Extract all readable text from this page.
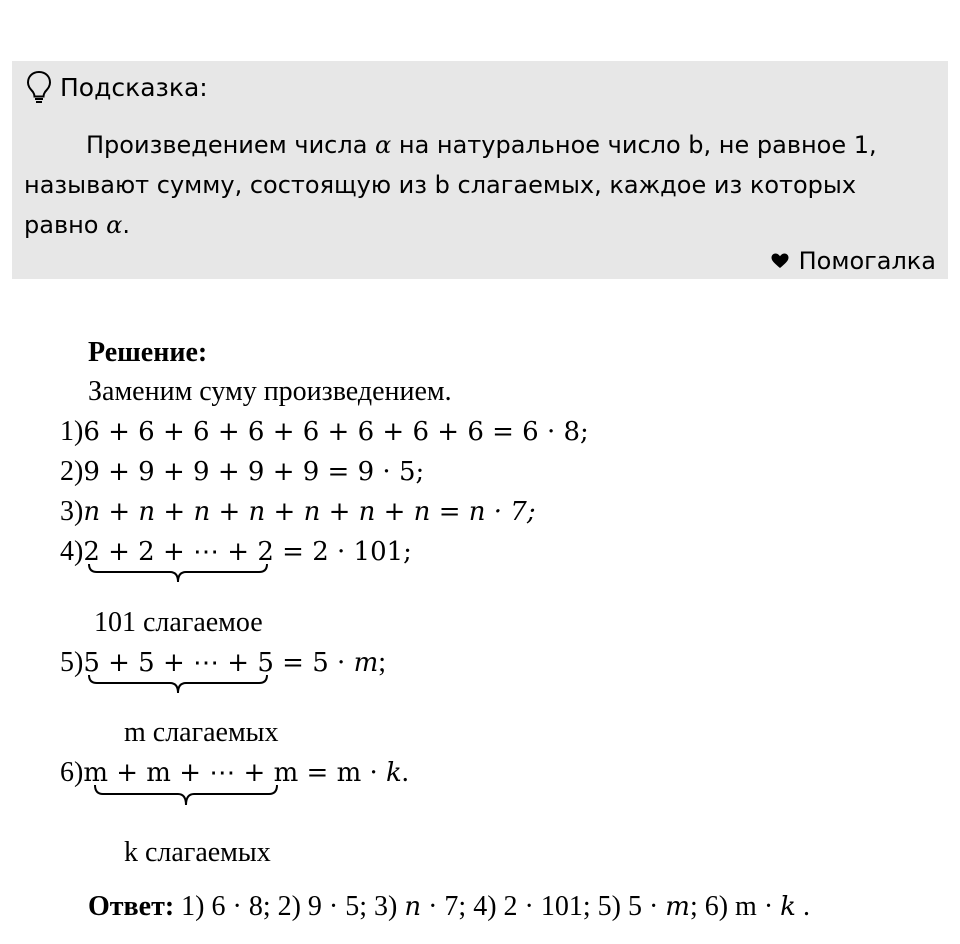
Подсказка:
Произведением числа α на натуральное число b, не равное 1,
называют сумму, состоящую из b слагаемых, каждое из которых
равно α.
Помогалка
Решение:
Заменим суму произведением.
1)6 + 6 + 6 + 6 + 6 + 6 + 6 + 6 = 6 · 8;
2)9 + 9 + 9 + 9 + 9 = 9 · 5;
3)n + n + n + n + n + n + n = n · 7;
4)2 + 2 + ⋯ + 2 = 2 · 101;
101 слагаемое
5)5 + 5 + ⋯ + 5 = 5 · m;
m слагаемых
6)m + m + ⋯ + m = m · k.
k слагаемых
Ответ: 1) 6 · 8; 2) 9 · 5; 3) n · 7; 4) 2 · 101; 5) 5 · m; 6) m · k .
